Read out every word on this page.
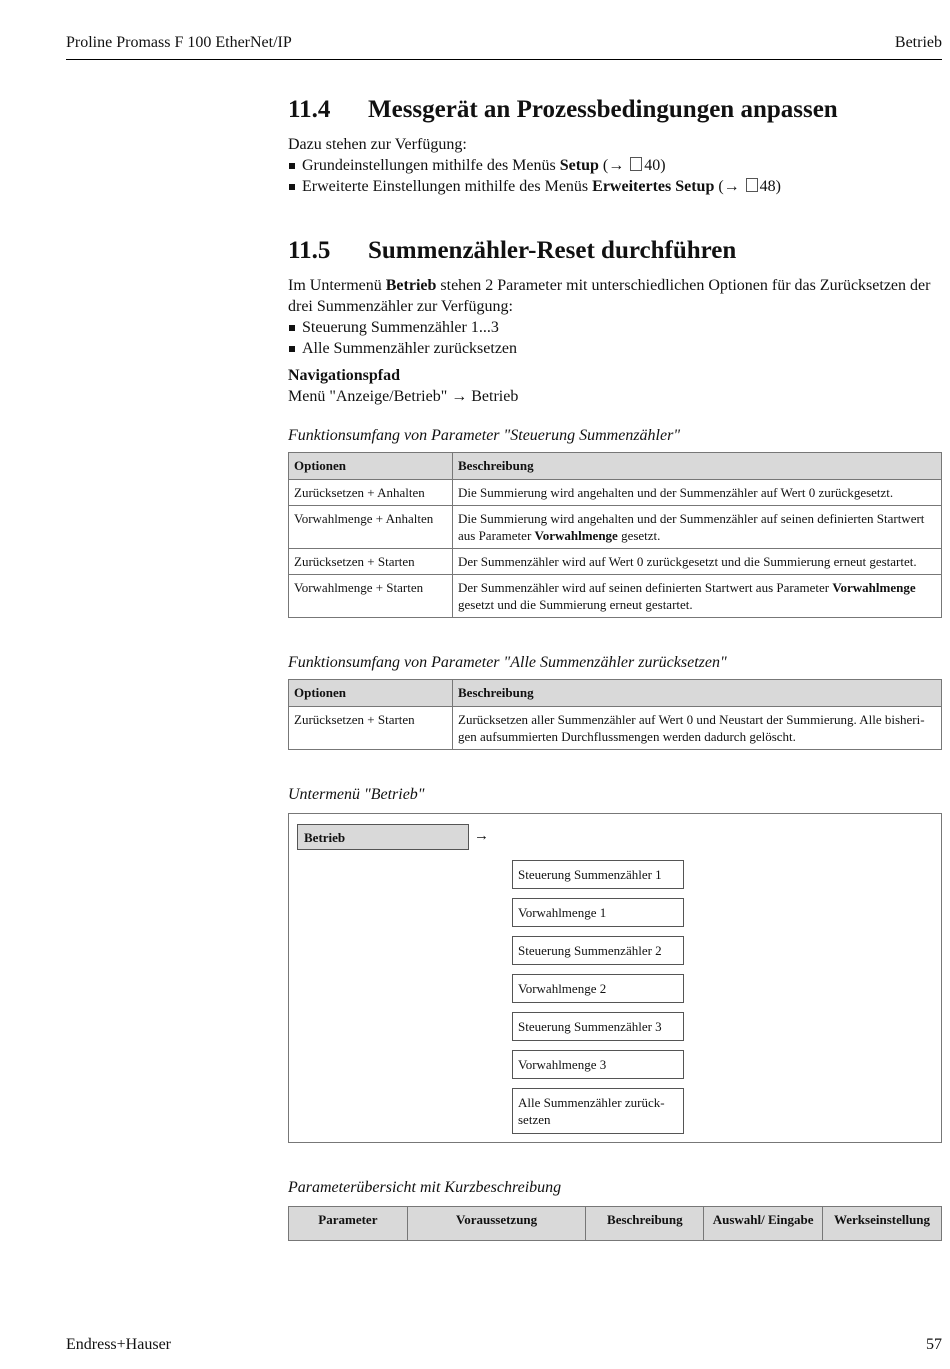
Proline Promass F 100 EtherNet/IP	Betrieb
11.4	Messgerät an Prozessbedingungen anpassen

Dazu stehen zur Verfügung:

Grundeinstellungen mithilfe des Menüs Setup (→ 40)
Erweiterte Einstellungen mithilfe des Menüs Erweitertes Setup (→ 48)
11.5	Summenzähler-Reset durchführen

Im Untermenü Betrieb stehen 2 Parameter mit unterschiedlichen Optionen für das Zurücksetzen der drei Summenzähler zur Verfügung:

Steuerung Summenzähler 1...3
Alle Summenzähler zurücksetzen

Navigationspfad

Menü "Anzeige/Betrieb" → Betrieb

Funktionsumfang von Parameter "Steuerung Summenzähler"

Optionen	Beschreibung
Zurücksetzen + Anhalten	Die Summierung wird angehalten und der Summenzähler auf Wert 0 zurückgesetzt.
Vorwahlmenge + Anhalten	Die Summierung wird angehalten und der Summenzähler auf seinen definierten Startwert aus Parameter Vorwahlmenge gesetzt.
Zurücksetzen + Starten	Der Summenzähler wird auf Wert 0 zurückgesetzt und die Summierung erneut gestartet.
Vorwahlmenge + Starten	Der Summenzähler wird auf seinen definierten Startwert aus Parameter Vorwahlmenge gesetzt und die Summierung erneut gestartet.

Funktionsumfang von Parameter "Alle Summenzähler zurücksetzen"

Optionen	Beschreibung
Zurücksetzen + Starten	Zurücksetzen aller Summenzähler auf Wert 0 und Neustart der Summierung. Alle bisheri-gen aufsummierten Durchflussmengen werden dadurch gelöscht.

Untermenü "Betrieb"

Betrieb	→
Steuerung Summenzähler 1
Vorwahlmenge 1
Steuerung Summenzähler 2
Vorwahlmenge 2
Steuerung Summenzähler 3
Vorwahlmenge 3
Alle Summenzähler zurück-setzen

Parameterübersicht mit Kurzbeschreibung

Parameter	Voraussetzung	Beschreibung	Auswahl/ Eingabe	Werkseinstellung
Endress+Hauser	57
